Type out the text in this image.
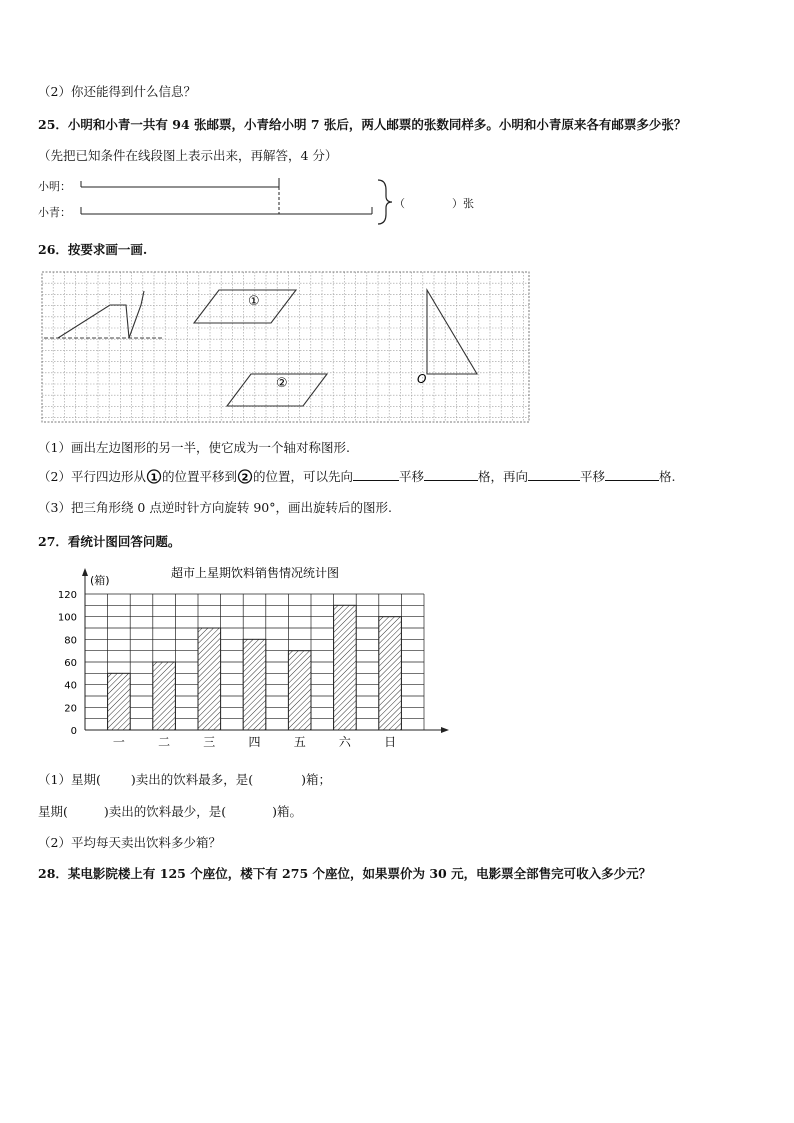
（2）你还能得到什么信息？
25．小明和小青一共有 94 张邮票，小青给小明 7 张后，两人邮票的张数同样多。小明和小青原来各有邮票多少张？
（先把已知条件在线段图上表示出来，再解答，4 分）
小明：
小青：
（	）张
26．按要求画一画.
①
②	O
（1）画出左边图形的另一半，使它成为一个轴对称图形.
（2）平行四边形从 1 的位置平移到 2 的位置，可以先向	平移	格，再向	平移	格.
（3）把三角形绕 0 点逆时针方向旋转 90°，画出旋转后的图形.
27．看统计图回答问题。
超市上星期饮料销售情况统计图
(箱)
0
20
40
60
80
100
120
一	二	三	四	五	六	日
（1）星期( )卖出的饮料最多，是(	)箱；
星期(	)卖出的饮料最少，是(	)箱。
（2）平均每天卖出饮料多少箱？
28．某电影院楼上有 125 个座位，楼下有 275 个座位，如果票价为 30 元，电影票全部售完可收入多少元？
